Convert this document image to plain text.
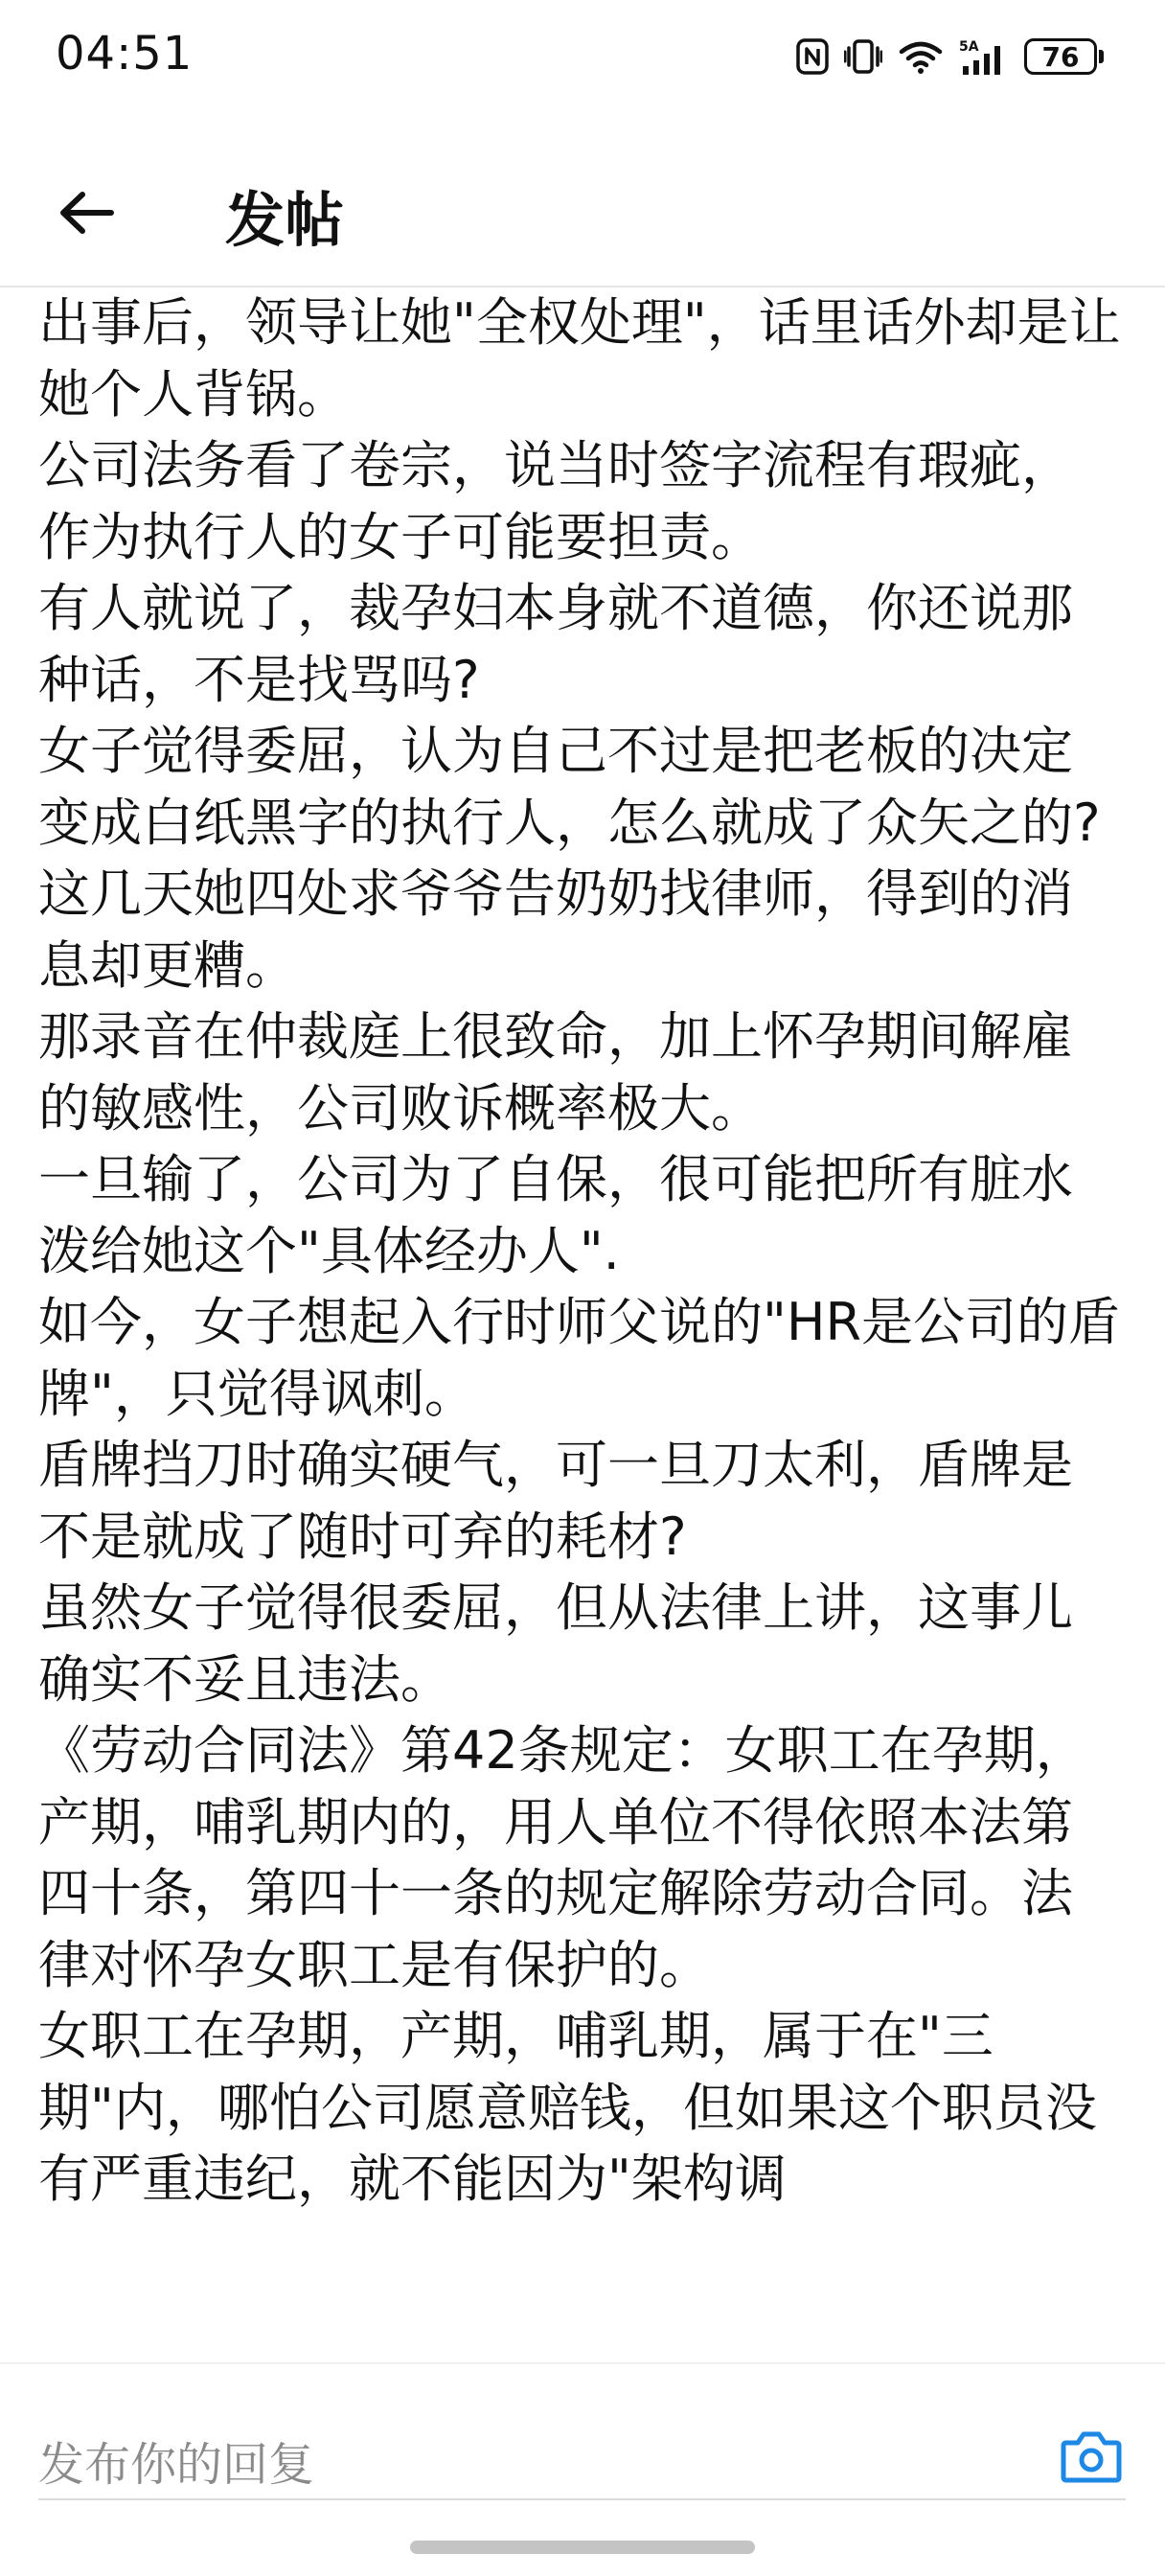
04:51	5A	76
发帖

出事后，领导让她"全权处理"，话里话外却是让她个人背锅。

公司法务看了卷宗，说当时签字流程有瑕疵，作为执行人的女子可能要担责。

有人就说了，裁孕妇本身就不道德，你还说那种话，不是找骂吗?

女子觉得委屈，认为自己不过是把老板的决定变成白纸黑字的执行人，怎么就成了众矢之的?

这几天她四处求爷爷告奶奶找律师，得到的消息却更糟。

那录音在仲裁庭上很致命，加上怀孕期间解雇的敏感性，公司败诉概率极大。

一旦输了，公司为了自保，很可能把所有脏水泼给她这个"具体经办人".

如今，女子想起入行时师父说的"HR是公司的盾牌"，只觉得讽刺。

盾牌挡刀时确实硬气，可一旦刀太利，盾牌是不是就成了随时可弃的耗材?

虽然女子觉得很委屈，但从法律上讲，这事儿确实不妥且违法。

《劳动合同法》第42条规定：女职工在孕期，产期，哺乳期内的，用人单位不得依照本法第四十条，第四十一条的规定解除劳动合同。法律对怀孕女职工是有保护的。

女职工在孕期，产期，哺乳期，属于在"三期"内，哪怕公司愿意赔钱，但如果这个职员没有严重违纪，就不能因为"架构调

发布你的回复
